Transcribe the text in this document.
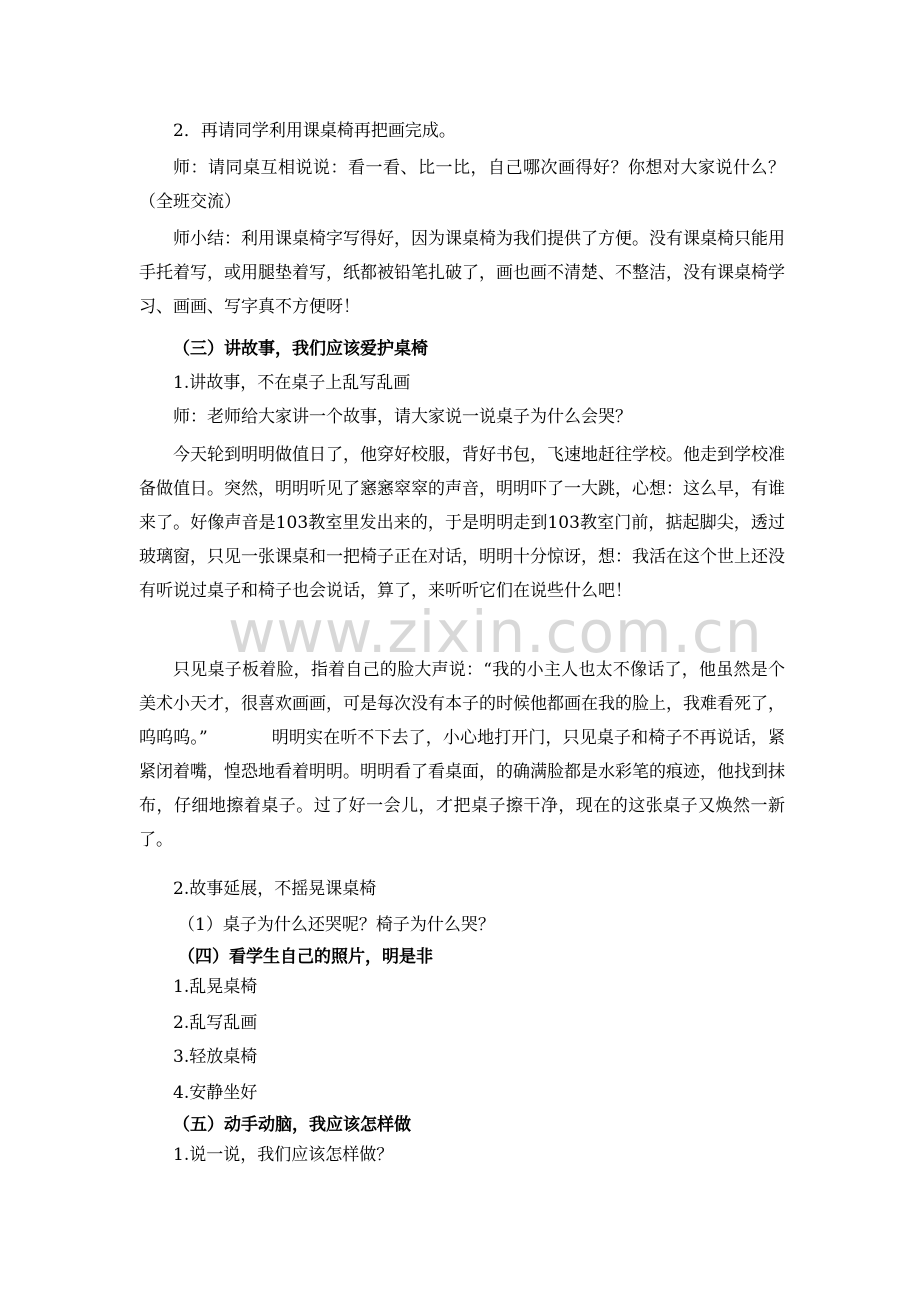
www.zixin.com.cn

2．再请同学利用课桌椅再把画完成。

师：请同桌互相说说：看一看、比一比，自己哪次画得好？你想对大家说什么？（全班交流）

师小结：利用课桌椅字写得好，因为课桌椅为我们提供了方便。没有课桌椅只能用手托着写，或用腿垫着写，纸都被铅笔扎破了，画也画不清楚、不整洁，没有课桌椅学习、画画、写字真不方便呀！

（三）讲故事，我们应该爱护桌椅

1.讲故事，不在桌子上乱写乱画

师：老师给大家讲一个故事，请大家说一说桌子为什么会哭？

今天轮到明明做值日了，他穿好校服，背好书包，飞速地赶往学校。他走到学校准备做值日。突然，明明听见了窸窸窣窣的声音，明明吓了一大跳，心想：这么早，有谁来了。好像声音是103教室里发出来的，于是明明走到103教室门前，掂起脚尖，透过玻璃窗，只见一张课桌和一把椅子正在对话，明明十分惊讶，想：我活在这个世上还没有听说过桌子和椅子也会说话，算了，来听听它们在说些什么吧！

只见桌子板着脸，指着自己的脸大声说：“我的小主人也太不像话了，他虽然是个美术小天才，很喜欢画画，可是每次没有本子的时候他都画在我的脸上，我难看死了，呜呜呜。”	明明实在听不下去了，小心地打开门，只见桌子和椅子不再说话，紧紧闭着嘴，惶恐地看着明明。明明看了看桌面，的确满脸都是水彩笔的痕迹，他找到抹布，仔细地擦着桌子。过了好一会儿，才把桌子擦干净，现在的这张桌子又焕然一新了。

2.故事延展，不摇晃课桌椅

（1）桌子为什么还哭呢？椅子为什么哭？

（四）看学生自己的照片，明是非

1.乱晃桌椅

2.乱写乱画

3.轻放桌椅

4.安静坐好

（五）动手动脑，我应该怎样做

1.说一说，我们应该怎样做？
